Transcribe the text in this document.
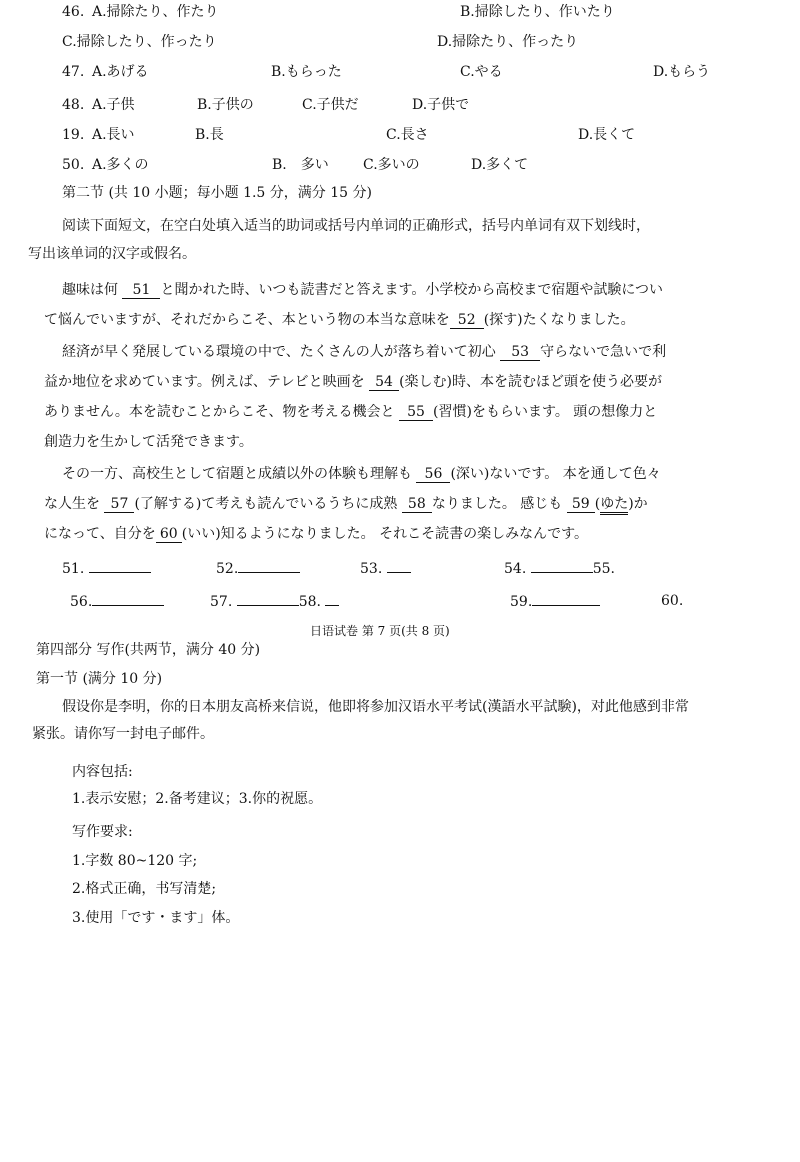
46. A.掃除たり、作たり	B.掃除したり、作いたり
C.掃除したり、作ったり	D.掃除たり、作ったり
47. A.あげる	B.もらった	C.やる	D.もらう
48. A.子供	B.子供の	C.子供だ	D.子供で
19. A.長い	B.長	C.長さ	D.長くて
50. A.多くの	B.　多い C.多いの	D.多くて
第二节 (共 10 小题；每小题 1.5 分，满分 15 分)
阅读下面短文，在空白处填入适当的助词或括号内单词的正确形式，括号内单词有双下划线时，
写出该单词的汉字或假名。
趣味は何 51 と聞かれた時、いつも読書だと答えます。小学校から高校まで宿題や試験につい
て悩んでいますが、それだからこそ、本という物の本当な意味を 52 (探す)たくなりました。
経済が早く発展している環境の中で、たくさんの人が落ち着いて初心 53 守らないで急いで利
益か地位を求めています。例えば、テレビと映画を 54 (楽しむ)時、本を読むほど頭を使う必要が
ありません。本を読むことからこそ、物を考える機会と 55 (習慣)をもらいます。 頭の想像力と
創造力を生かして活発できます。
その一方、高校生として宿題と成績以外の体験も理解も 56 (深い)ないです。 本を通して色々
な人生を 57 (了解する)て考えも読んでいるうちに成熟 58 なりました。 感じも 59 (ゆた)か
になって、自分を 60 (いい)知るようになりました。 それこそ読書の楽しみなんです。
51.	52.	53.	54.	55.
56.	57.	58.	59.	60.
日语试卷 第 7 页(共 8 页)
第四部分 写作(共两节，满分 40 分)
第一节 (满分 10 分)
假设你是李明，你的日本朋友高桥来信说，他即将参加汉语水平考试(漢語水平試験)，对此他感到非常
紧张。请你写一封电子邮件。
内容包括:
1.表示安慰；2.备考建议；3.你的祝愿。
写作要求:
1.字数 80~120 字;
2.格式正确，书写清楚;
3.使用「です・ます」体。
